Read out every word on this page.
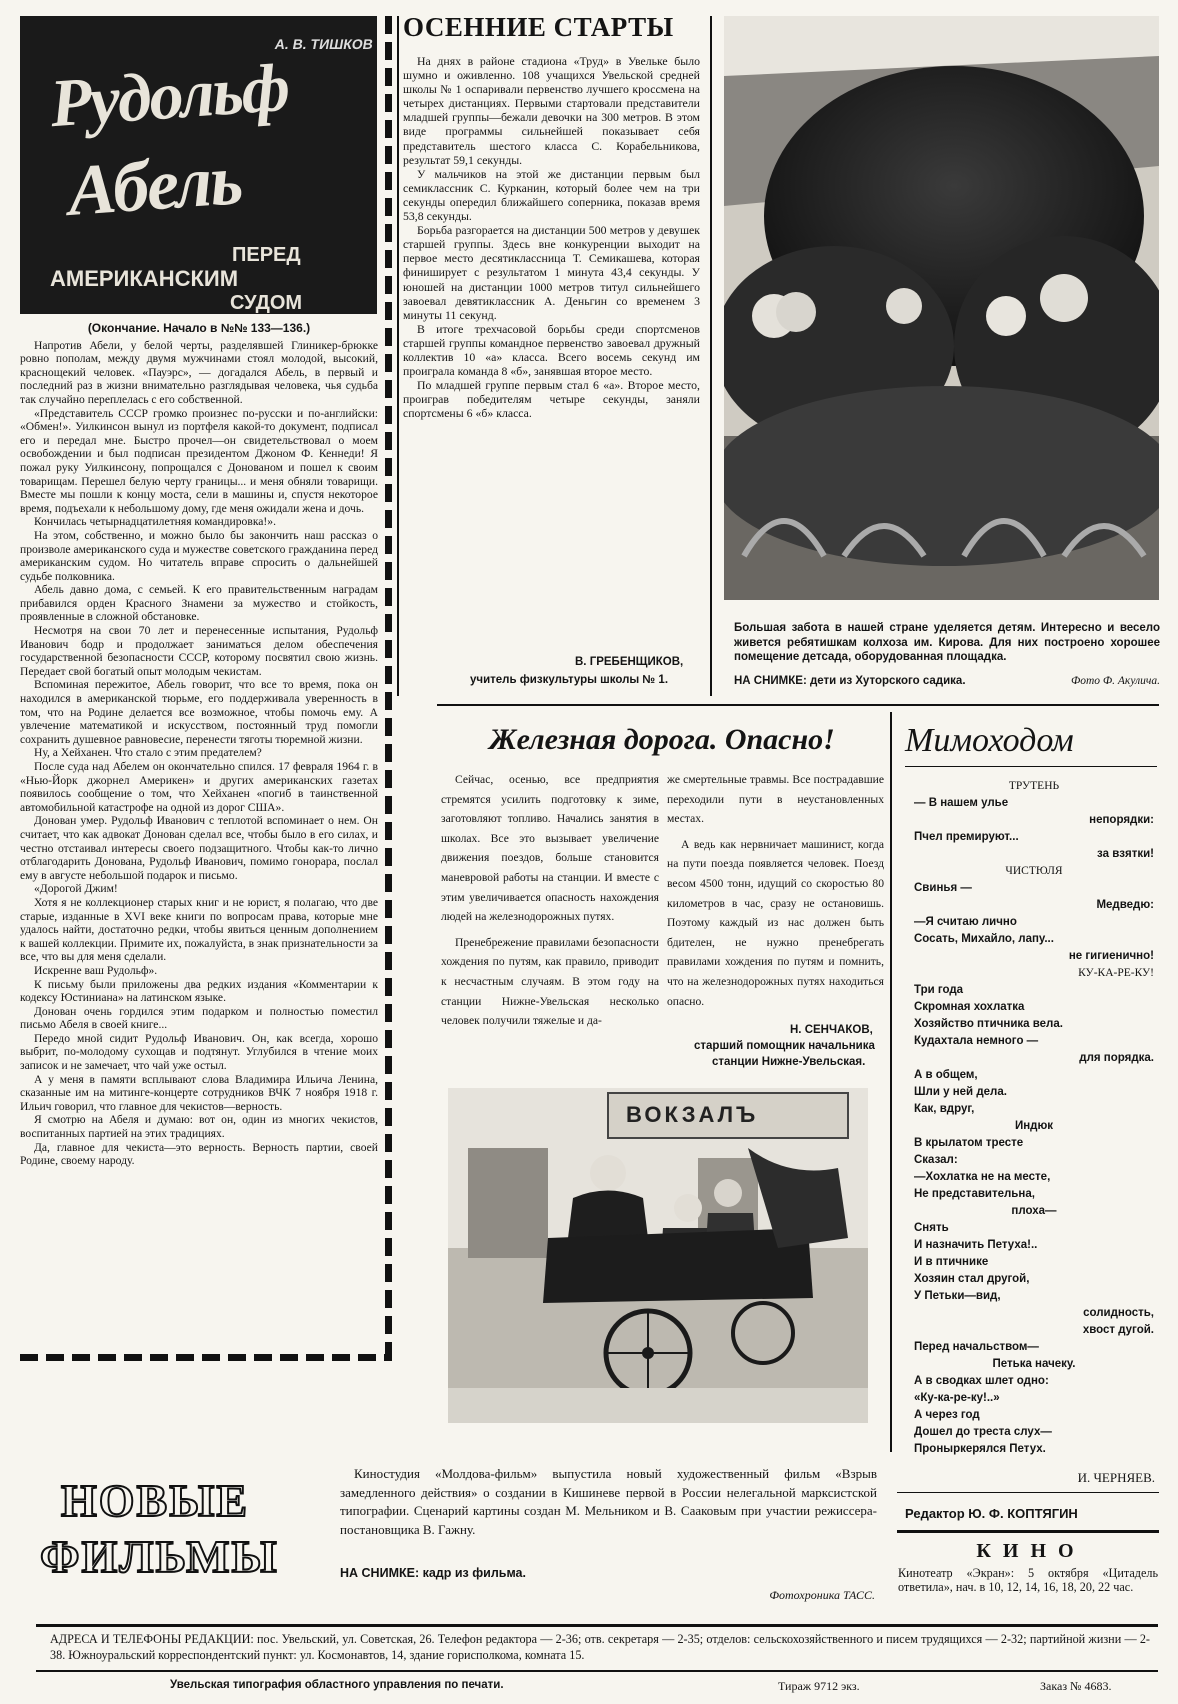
А. В. ТИШКОВ
Рудольф
Абель
ПЕРЕД
АМЕРИКАНСКИМ
СУДОМ
(Окончание. Начало в №№ 133—136.)

Напротив Абели, у белой черты, разделявшей Глиникер-брюкке ровно пополам, между двумя мужчинами стоял молодой, высокий, краснощекий человек. «Пауэрс», — догадался Абель, в первый и последний раз в жизни внимательно разглядывая человека, чья судьба так случайно переплелась с его собственной.

«Представитель СССР громко произнес по-русски и по-английски: «Обмен!». Уилкинсон вынул из портфеля какой-то документ, подписал его и передал мне. Быстро прочел—он свидетельствовал о моем освобождении и был подписан президентом Джоном Ф. Кеннеди! Я пожал руку Уилкинсону, попрощался с Донованом и пошел к своим товарищам. Перешел белую черту границы... и меня обняли товарищи. Вместе мы пошли к концу моста, сели в машины и, спустя некоторое время, подъехали к небольшому дому, где меня ожидали жена и дочь.

Кончилась четырнадцатилетняя командировка!».

На этом, собственно, и можно было бы закончить наш рассказ о произволе американского суда и мужестве советского гражданина перед американским судом. Но читатель вправе спросить о дальнейшей судьбе полковника.

Абель давно дома, с семьей. К его правительственным наградам прибавился орден Красного Знамени за мужество и стойкость, проявленные в сложной обстановке.

Несмотря на свои 70 лет и перенесенные испытания, Рудольф Иванович бодр и продолжает заниматься делом обеспечения государственной безопасности СССР, которому посвятил свою жизнь. Передает свой богатый опыт молодым чекистам.

Вспоминая пережитое, Абель говорит, что все то время, пока он находился в американской тюрьме, его поддерживала уверенность в том, что на Родине делается все возможное, чтобы помочь ему. А увлечение математикой и искусством, постоянный труд помогли сохранить душевное равновесие, перенести тяготы тюремной жизни.

Ну, а Хейханен. Что стало с этим предателем?

После суда над Абелем он окончательно спился. 17 февраля 1964 г. в «Нью-Йорк джорнел Америкен» и других американских газетах появилось сообщение о том, что Хейханен «погиб в таинственной автомобильной катастрофе на одной из дорог США».

Донован умер. Рудольф Иванович с теплотой вспоминает о нем. Он считает, что как адвокат Донован сделал все, чтобы было в его силах, и честно отстаивал интересы своего подзащитного. Чтобы как-то лично отблагодарить Донована, Рудольф Иванович, помимо гонорара, послал ему в августе небольшой подарок и письмо.

«Дорогой Джим!

Хотя я не коллекционер старых книг и не юрист, я полагаю, что две старые, изданные в XVI веке книги по вопросам права, которые мне удалось найти, достаточно редки, чтобы явиться ценным дополнением к вашей коллекции. Примите их, пожалуйста, в знак признательности за все, что вы для меня сделали.

Искренне ваш Рудольф».

К письму были приложены два редких издания «Комментарии к кодексу Юстиниана» на латинском языке.

Донован очень гордился этим подарком и полностью поместил письмо Абеля в своей книге...

Передо мной сидит Рудольф Иванович. Он, как всегда, хорошо выбрит, по-молодому сухощав и подтянут. Углубился в чтение моих записок и не замечает, что чай уже остыл.

А у меня в памяти всплывают слова Владимира Ильича Ленина, сказанные им на митинге-концерте сотрудников ВЧК 7 ноября 1918 г. Ильич говорил, что главное для чекистов—верность.

Я смотрю на Абеля и думаю: вот он, один из многих чекистов, воспитанных партией на этих традициях.

Да, главное для чекиста—это верность. Верность партии, своей Родине, своему народу.

ОСЕННИЕ СТАРТЫ

На днях в районе стадиона «Труд» в Увельке было шумно и оживленно. 108 учащихся Увельской средней школы № 1 оспаривали первенство лучшего кроссмена на четырех дистанциях. Первыми стартовали представители младшей группы—бежали девочки на 300 метров. В этом виде программы сильнейшей показывает себя представитель шестого класса С. Корабельникова, результат 59,1 секунды.

У мальчиков на этой же дистанции первым был семиклассник С. Курканин, который более чем на три секунды опередил ближайшего соперника, показав время 53,8 секунды.

Борьба разгорается на дистанции 500 метров у девушек старшей группы. Здесь вне конкуренции выходит на первое место десятиклассница Т. Семикашева, которая финиширует с результатом 1 минута 43,4 секунды. У юношей на дистанции 1000 метров титул сильнейшего завоевал девятиклассник А. Деньгин со временем 3 минуты 11 секунд.

В итоге трехчасовой борьбы среди спортсменов старшей группы командное первенство завоевал дружный коллектив 10 «а» класса. Всего восемь секунд им проиграла команда 8 «б», занявшая второе место.

По младшей группе первым стал 6 «а». Второе место, проиграв победителям четыре секунды, заняли спортсмены 6 «б» класса.

В. ГРЕБЕНЩИКОВ,
учитель физкультуры школы № 1.
Большая забота в нашей стране уделяется детям. Интересно и весело живется ребятишкам колхоза им. Кирова. Для них построено хорошее помещение детсада, оборудованная площадка.
НА СНИМКЕ: дети из Хуторского садика.	Фото Ф. Акулича.
Железная дорога. Опасно!

Сейчас, осенью, все предприятия стремятся усилить подготовку к зиме, заготовляют топливо. Начались занятия в школах. Все это вызывает увеличение движения поездов, больше становится маневровой работы на станции. И вместе с этим увеличивается опасность нахождения людей на железнодорожных путях.

Пренебрежение правилами безопасности хождения по путям, как правило, приводит к несчастным случаям. В этом году на станции Нижне-Увельская несколько человек получили тяжелые и да-

же смертельные травмы. Все пострадавшие переходили пути в неустановленных местах.

А ведь как нервничает машинист, когда на пути поезда появляется человек. Поезд весом 4500 тонн, идущий со скоростью 80 километров в час, сразу не остановишь. Поэтому каждый из нас должен быть бдителен, не нужно пренебрегать правилами хождения по путям и помнить, что на железнодорожных путях находиться опасно.

Н. СЕНЧАКОВ,
старший помощник начальника
станции Нижне-Увельская.
ВОКЗАЛЪ
Мимоходом
ТРУТЕНЬ
— В нашем улье
непорядки:
Пчел премируют...
за взятки!
ЧИСТЮЛЯ
Свинья —
Медведю:
—Я считаю лично
Сосать, Михайло, лапу...
не гигиенично!
КУ-КА-РЕ-КУ!
Три года
Скромная хохлатка
Хозяйство птичника вела.
Кудахтала немного —
для порядка.
А в общем,
Шли у ней дела.
Как, вдруг,
Индюк
В крылатом тресте
Сказал:
—Хохлатка не на месте,
Не представительна,
плоха—
Снять
И назначить Петуха!..
И в птичнике
Хозяин стал другой,
У Петьки—вид,
солидность,
хвост дугой.
Перед начальством—
Петька начеку.
А в сводках шлет одно:
«Ку-ка-ре-ку!..»
А через год
Дошел до треста слух—
Проныркерялся Петух.
И. ЧЕРНЯЕВ.
Редактор Ю. Ф. КОПТЯГИН
КИНО
Кинотеатр «Экран»: 5 октября «Цитадель ответила», нач. в 10, 12, 14, 16, 18, 20, 22 час.
НОВЫЕ
ФИЛЬМЫ
Киностудия «Молдова-фильм» выпустила новый художественный фильм «Взрыв замедленного действия» о создании в Кишиневе первой в России нелегальной марксистской типографии. Сценарий картины создан М. Мельником и В. Сааковым при участии режиссера-постановщика В. Гажну.
НА СНИМКЕ: кадр из фильма.
Фотохроника ТАСС.
АДРЕСА И ТЕЛЕФОНЫ РЕДАКЦИИ: пос. Увельский, ул. Советская, 26. Телефон редактора — 2-36; отв. секретаря — 2-35; отделов: сельскохозяйственного и писем трудящихся — 2-32; партийной жизни — 2-38. Южноуральский корреспондентский пункт: ул. Космонавтов, 14, здание горисполкома, комната 15.
Увельская типография областного управления по печати.	Тираж 9712 экз.	Заказ № 4683.
